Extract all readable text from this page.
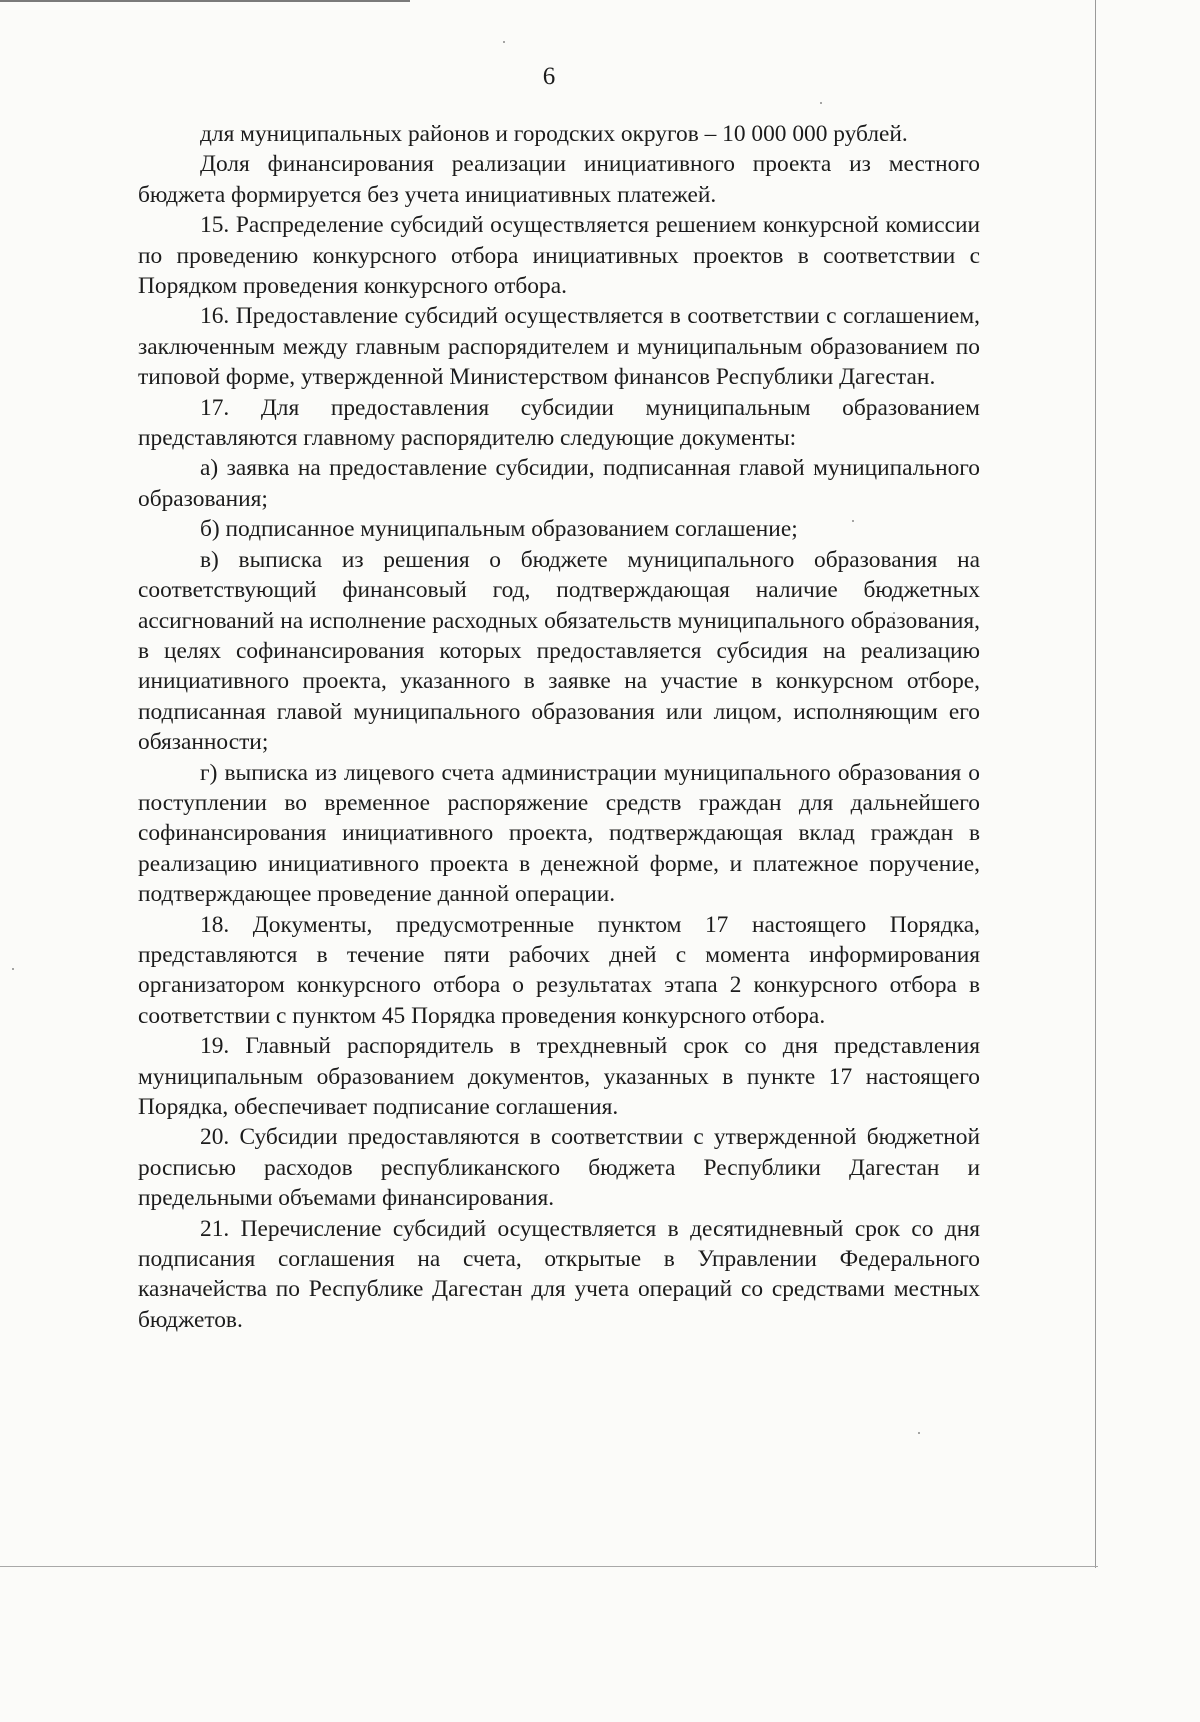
6

для муниципальных районов и городских округов – 10 000 000 рублей.

Доля финансирования реализации инициативного проекта из местного бюджета формируется без учета инициативных платежей.

15. Распределение субсидий осуществляется решением конкурсной комиссии по проведению конкурсного отбора инициативных проектов в соответствии с Порядком проведения конкурсного отбора.

16. Предоставление субсидий осуществляется в соответствии с соглашением, заключенным между главным распорядителем и муниципальным образованием по типовой форме, утвержденной Министерством финансов Республики Дагестан.

17. Для предоставления субсидии муниципальным образованием представляются главному распорядителю следующие документы:

а) заявка на предоставление субсидии, подписанная главой муниципального образования;

б) подписанное муниципальным образованием соглашение;

в) выписка из решения о бюджете муниципального образования на соответствующий финансовый год, подтверждающая наличие бюджетных ассигнований на исполнение расходных обязательств муниципального образования, в целях софинансирования которых предоставляется субсидия на реализацию инициативного проекта, указанного в заявке на участие в конкурсном отборе, подписанная главой муниципального образования или лицом, исполняющим его обязанности;

г) выписка из лицевого счета администрации муниципального образования о поступлении во временное распоряжение средств граждан для дальнейшего софинансирования инициативного проекта, подтверждающая вклад граждан в реализацию инициативного проекта в денежной форме, и платежное поручение, подтверждающее проведение данной операции.

18. Документы, предусмотренные пунктом 17 настоящего Порядка, представляются в течение пяти рабочих дней с момента информирования организатором конкурсного отбора о результатах этапа 2 конкурсного отбора в соответствии с пунктом 45 Порядка проведения конкурсного отбора.

19. Главный распорядитель в трехдневный срок со дня представления муниципальным образованием документов, указанных в пункте 17 настоящего Порядка, обеспечивает подписание соглашения.

20. Субсидии предоставляются в соответствии с утвержденной бюджетной росписью расходов республиканского бюджета Республики Дагестан и предельными объемами финансирования.

21. Перечисление субсидий осуществляется в десятидневный срок со дня подписания соглашения на счета, открытые в Управлении Федерального казначейства по Республике Дагестан для учета операций со средствами местных бюджетов.
